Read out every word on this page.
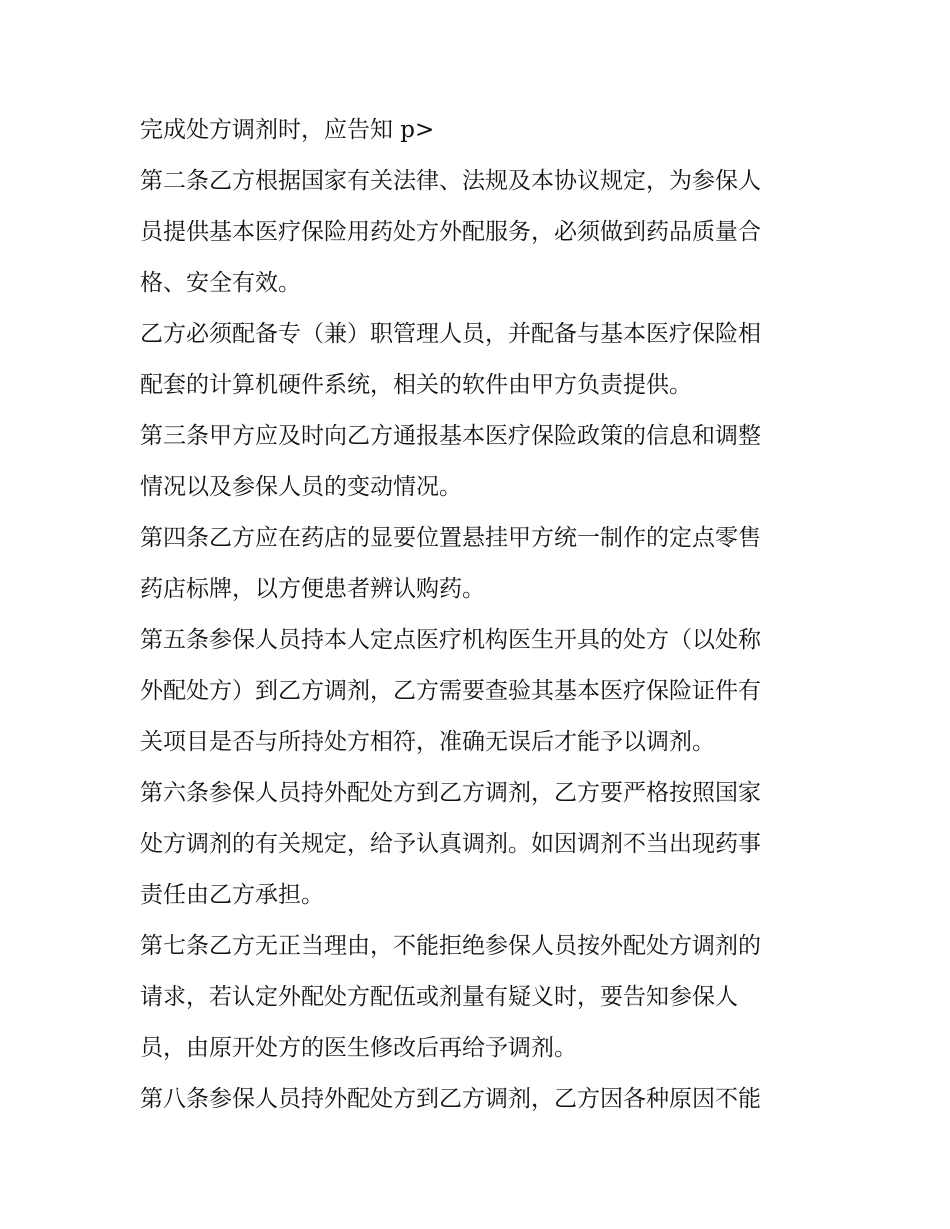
完成处方调剂时，应告知 p>
第二条乙方根据国家有关法律、法规及本协议规定，为参保人
员提供基本医疗保险用药处方外配服务，必须做到药品质量合
格、安全有效。
乙方必须配备专（兼）职管理人员，并配备与基本医疗保险相
配套的计算机硬件系统，相关的软件由甲方负责提供。
第三条甲方应及时向乙方通报基本医疗保险政策的信息和调整
情况以及参保人员的变动情况。
第四条乙方应在药店的显要位置悬挂甲方统一制作的定点零售
药店标牌，以方便患者辨认购药。
第五条参保人员持本人定点医疗机构医生开具的处方（以处称
外配处方）到乙方调剂，乙方需要查验其基本医疗保险证件有
关项目是否与所持处方相符，准确无误后才能予以调剂。
第六条参保人员持外配处方到乙方调剂，乙方要严格按照国家
处方调剂的有关规定，给予认真调剂。如因调剂不当出现药事
责任由乙方承担。
第七条乙方无正当理由，不能拒绝参保人员按外配处方调剂的
请求，若认定外配处方配伍或剂量有疑义时，要告知参保人
员，由原开处方的医生修改后再给予调剂。
第八条参保人员持外配处方到乙方调剂，乙方因各种原因不能
